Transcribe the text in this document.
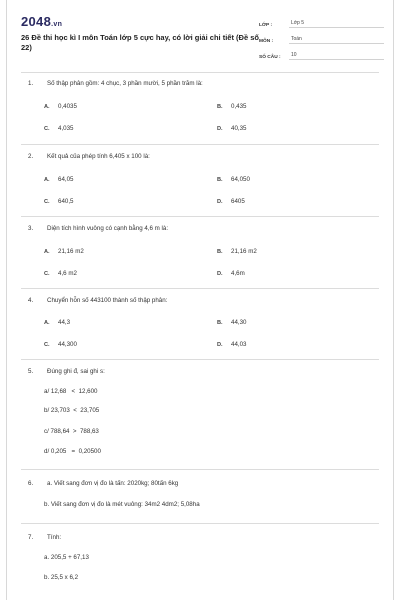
2048.vn
26 Đề thi học kì I môn Toán lớp 5 cực hay, có lời giải chi tiết (Đề số 22)
LỚP :	Lớp 5
MÔN :	Toán
SỐ CÂU :	10
1. Số thập phân gồm: 4 chục, 3 phần mười, 5 phần trăm là:
A. 0,4035	B. 0,435
C. 4,035	D. 40,35
2. Kết quả của phép tính 6,405 x 100 là:
A. 64,05	B. 64,050
C. 640,5	D. 6405
3. Diện tích hình vuông có cạnh bằng 4,6 m là:
A. 21,16 m2	B. 21,16 m2
C. 4,6 m2	D. 4,6m
4. Chuyển hỗn số 443100 thành số thập phân:
A. 44,3	B. 44,30
C. 44,300	D. 44,03
5. Đúng ghi đ, sai ghi s:
a/ 12,68   <  12,600
b/ 23,703  <  23,705
c/ 788,64  >  788,63
d/ 0,205   =  0,20500
6. a. Viết sang đơn vị đo là tấn: 2020kg; 80tấn 6kg
b. Viết sang đơn vị đo là mét vuông: 34m2 4dm2; 5,08ha
7. Tính:
a. 205,5 + 67,13
b. 25,5 x 6,2
